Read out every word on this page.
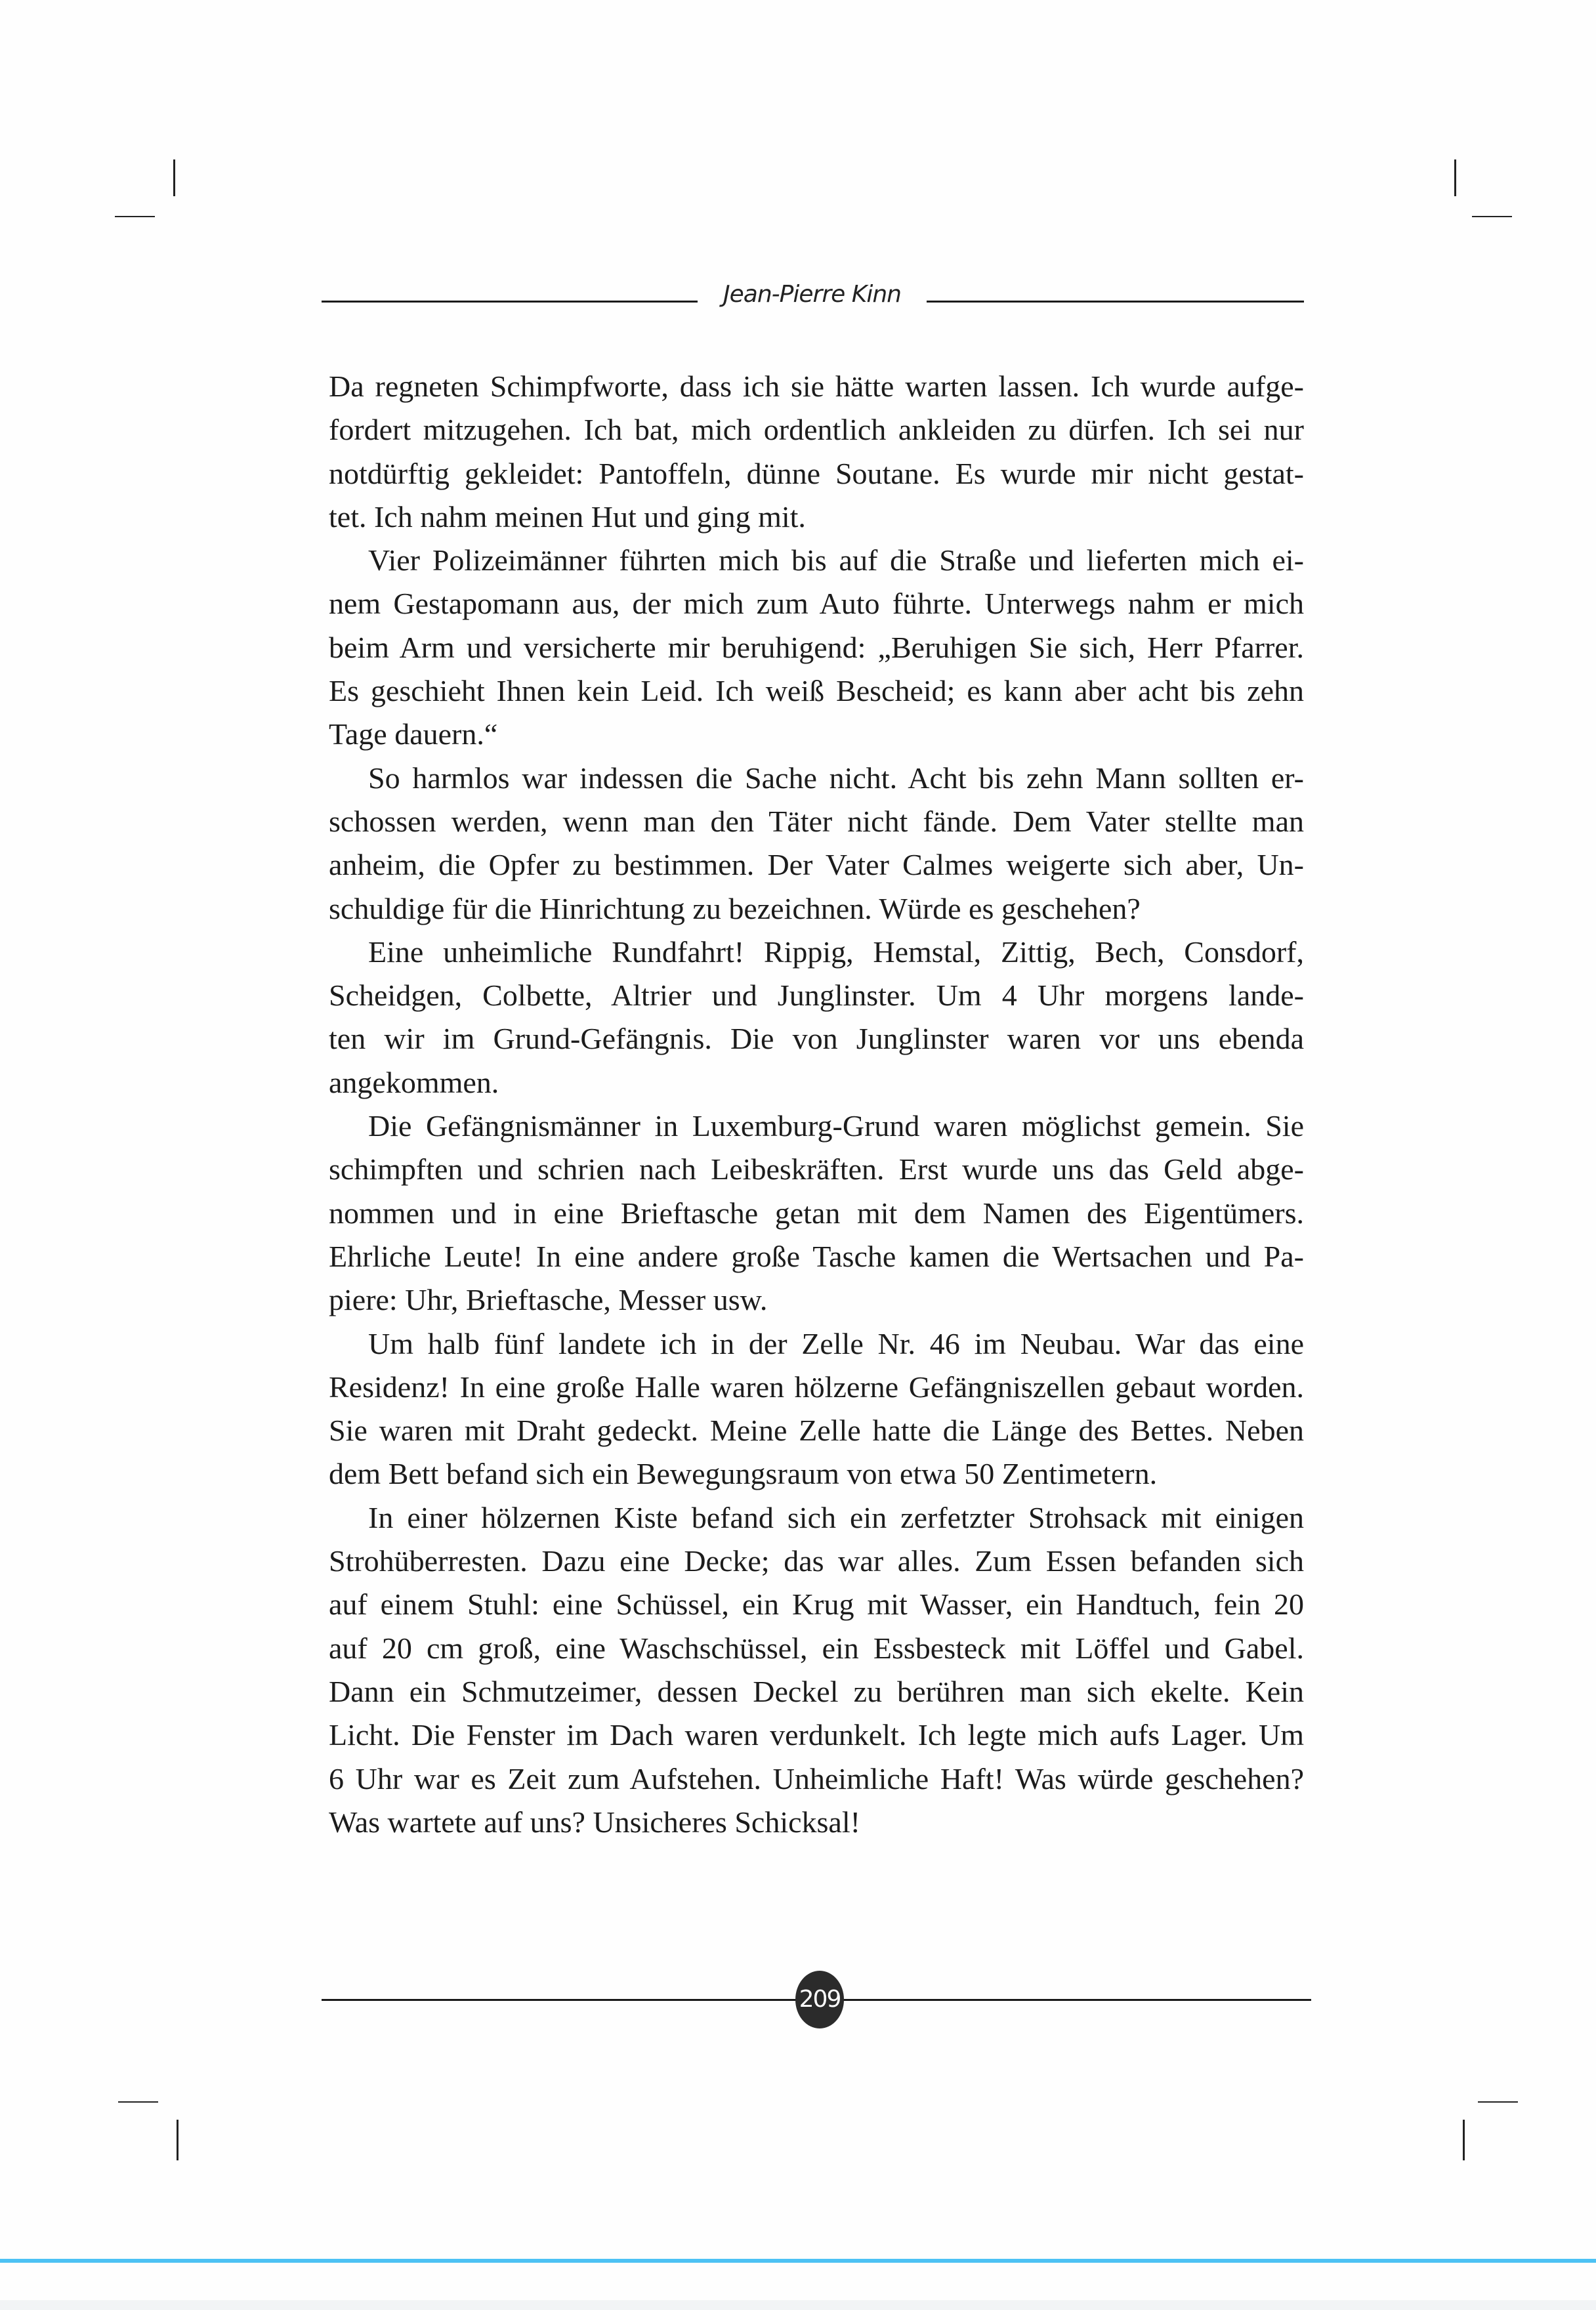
Jean-Pierre Kinn
Da regneten Schimpfworte, dass ich sie hätte warten lassen. Ich wurde aufge-
fordert mitzugehen. Ich bat, mich ordentlich ankleiden zu dürfen. Ich sei nur
notdürftig gekleidet: Pantoffeln, dünne Soutane. Es wurde mir nicht gestat-
tet. Ich nahm meinen Hut und ging mit.
Vier Polizeimänner führten mich bis auf die Straße und lieferten mich ei-
nem Gestapomann aus, der mich zum Auto führte. Unterwegs nahm er mich
beim Arm und versicherte mir beruhigend: „Beruhigen Sie sich, Herr Pfarrer.
Es geschieht Ihnen kein Leid. Ich weiß Bescheid; es kann aber acht bis zehn
Tage dauern.“
So harmlos war indessen die Sache nicht. Acht bis zehn Mann sollten er-
schossen werden, wenn man den Täter nicht fände. Dem Vater stellte man
anheim, die Opfer zu bestimmen. Der Vater Calmes weigerte sich aber, Un-
schuldige für die Hinrichtung zu bezeichnen. Würde es geschehen?
Eine unheimliche Rundfahrt! Rippig, Hemstal, Zittig, Bech, Consdorf,
Scheidgen, Colbette, Altrier und Junglinster. Um 4 Uhr morgens lande-
ten wir im Grund-Gefängnis. Die von Junglinster waren vor uns ebenda
angekommen.
Die Gefängnismänner in Luxemburg-Grund waren möglichst gemein. Sie
schimpften und schrien nach Leibeskräften. Erst wurde uns das Geld abge-
nommen und in eine Brieftasche getan mit dem Namen des Eigentümers.
Ehrliche Leute! In eine andere große Tasche kamen die Wertsachen und Pa-
piere: Uhr, Brieftasche, Messer usw.
Um halb fünf landete ich in der Zelle Nr. 46 im Neubau. War das eine
Residenz! In eine große Halle waren hölzerne Gefängniszellen gebaut worden.
Sie waren mit Draht gedeckt. Meine Zelle hatte die Länge des Bettes. Neben
dem Bett befand sich ein Bewegungsraum von etwa 50 Zentimetern.
In einer hölzernen Kiste befand sich ein zerfetzter Strohsack mit einigen
Strohüberresten. Dazu eine Decke; das war alles. Zum Essen befanden sich
auf einem Stuhl: eine Schüssel, ein Krug mit Wasser, ein Handtuch, fein 20
auf 20 cm groß, eine Waschschüssel, ein Essbesteck mit Löffel und Gabel.
Dann ein Schmutzeimer, dessen Deckel zu berühren man sich ekelte. Kein
Licht. Die Fenster im Dach waren verdunkelt. Ich legte mich aufs Lager. Um
6 Uhr war es Zeit zum Aufstehen. Unheimliche Haft! Was würde geschehen?
Was wartete auf uns? Unsicheres Schicksal!
209
